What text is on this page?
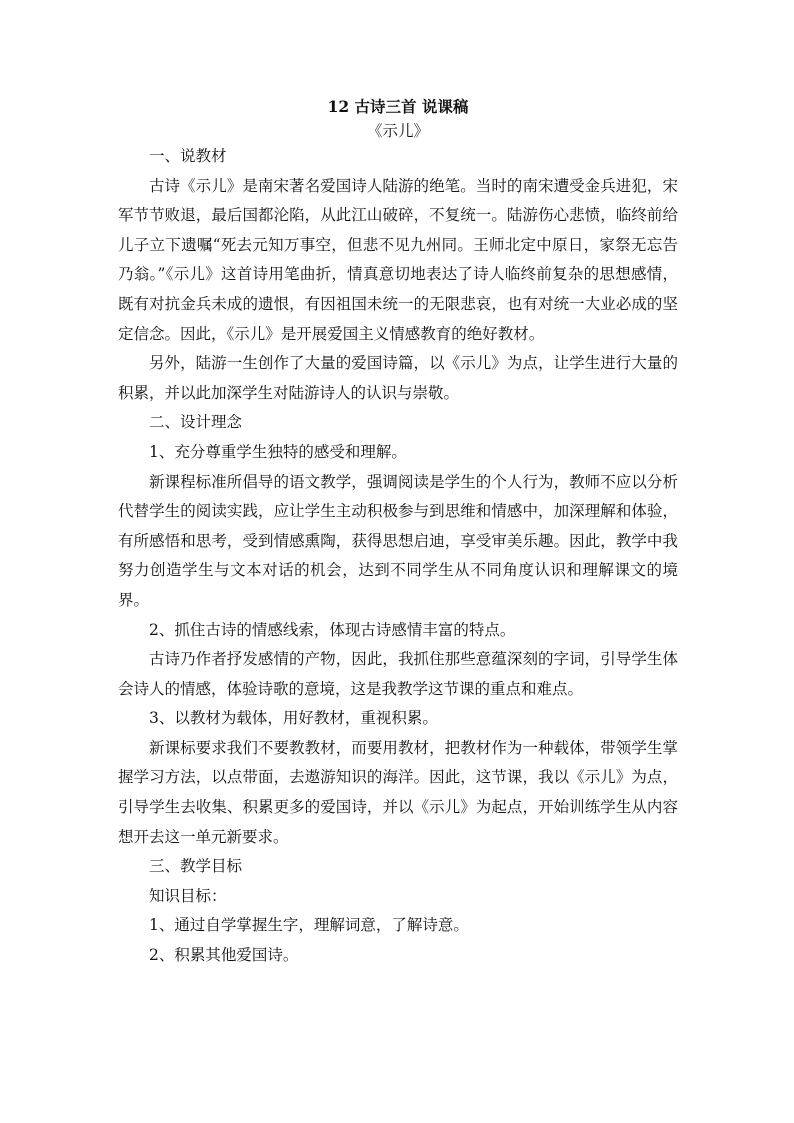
12 古诗三首 说课稿

《示儿》

一、说教材

古诗《示儿》是南宋著名爱国诗人陆游的绝笔。当时的南宋遭受金兵进犯，宋军节节败退，最后国都沦陷，从此江山破碎，不复统一。陆游伤心悲愤，临终前给儿子立下遗嘱“死去元知万事空，但悲不见九州同。王师北定中原日，家祭无忘告乃翁。”《示儿》这首诗用笔曲折，情真意切地表达了诗人临终前复杂的思想感情，既有对抗金兵未成的遗恨，有因祖国未统一的无限悲哀，也有对统一大业必成的坚定信念。因此，《示儿》是开展爱国主义情感教育的绝好教材。

另外，陆游一生创作了大量的爱国诗篇，以《示儿》为点，让学生进行大量的积累，并以此加深学生对陆游诗人的认识与崇敬。

二、设计理念

1、充分尊重学生独特的感受和理解。

新课程标准所倡导的语文教学，强调阅读是学生的个人行为，教师不应以分析代替学生的阅读实践，应让学生主动积极参与到思维和情感中，加深理解和体验，有所感悟和思考，受到情感熏陶，获得思想启迪，享受审美乐趣。因此，教学中我努力创造学生与文本对话的机会，达到不同学生从不同角度认识和理解课文的境界。

2、抓住古诗的情感线索，体现古诗感情丰富的特点。

古诗乃作者抒发感情的产物，因此，我抓住那些意蕴深刻的字词，引导学生体会诗人的情感，体验诗歌的意境，这是我教学这节课的重点和难点。

3、以教材为载体，用好教材，重视积累。

新课标要求我们不要教教材，而要用教材，把教材作为一种载体，带领学生掌握学习方法，以点带面，去遨游知识的海洋。因此，这节课，我以《示儿》为点，引导学生去收集、积累更多的爱国诗，并以《示儿》为起点，开始训练学生从内容想开去这一单元新要求。

三、教学目标

知识目标：

1、通过自学掌握生字，理解词意，了解诗意。

2、积累其他爱国诗。
